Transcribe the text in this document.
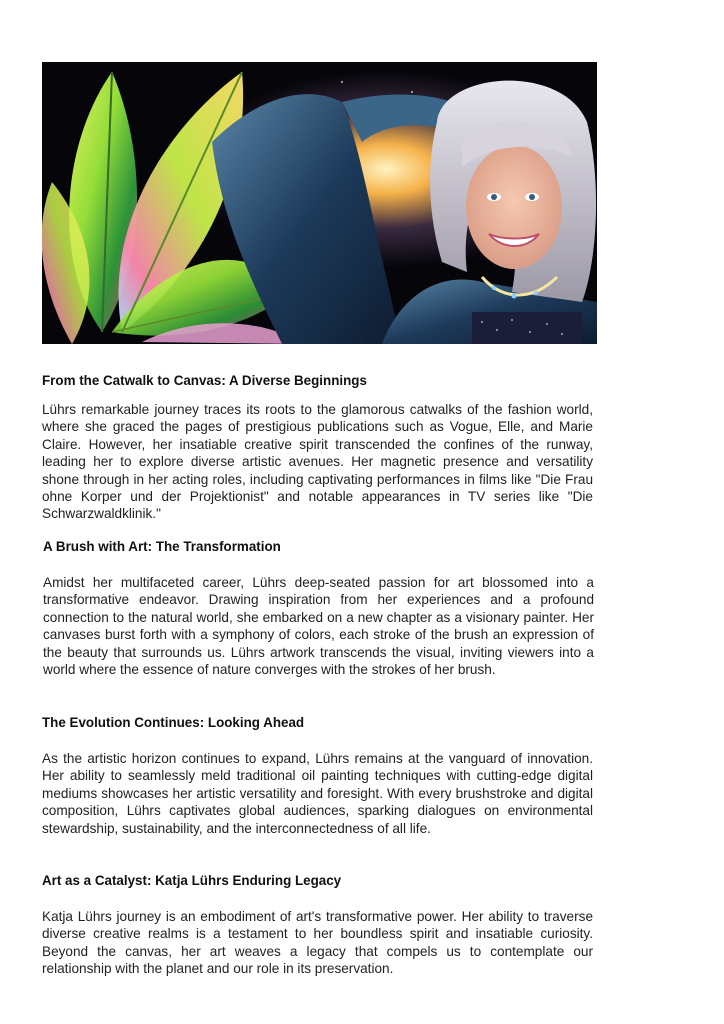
From the Catwalk to Canvas: A Diverse Beginnings

Lührs remarkable journey traces its roots to the glamorous catwalks of the fashion world, where she graced the pages of prestigious publications such as Vogue, Elle, and Marie Claire. However, her insatiable creative spirit transcended the confines of the runway, leading her to explore diverse artistic avenues. Her magnetic presence and versatility shone through in her acting roles, including captivating performances in films like "Die Frau ohne Korper und der Projektionist" and notable appearances in TV series like "Die Schwarzwaldklinik."

A Brush with Art: The Transformation

Amidst her multifaceted career, Lührs deep-seated passion for art blossomed into a transformative endeavor. Drawing inspiration from her experiences and a profound connection to the natural world, she embarked on a new chapter as a visionary painter. Her canvases burst forth with a symphony of colors, each stroke of the brush an expression of the beauty that surrounds us. Lührs artwork transcends the visual, inviting viewers into a world where the essence of nature converges with the strokes of her brush.

The Evolution Continues: Looking Ahead

As the artistic horizon continues to expand, Lührs remains at the vanguard of innovation. Her ability to seamlessly meld traditional oil painting techniques with cutting-edge digital mediums showcases her artistic versatility and foresight. With every brushstroke and digital composition, Lührs captivates global audiences, sparking dialogues on environmental stewardship, sustainability, and the interconnectedness of all life.

Art as a Catalyst: Katja Lührs Enduring Legacy

Katja Lührs journey is an embodiment of art's transformative power. Her ability to traverse diverse creative realms is a testament to her boundless spirit and insatiable curiosity. Beyond the canvas, her art weaves a legacy that compels us to contemplate our relationship with the planet and our role in its preservation.
